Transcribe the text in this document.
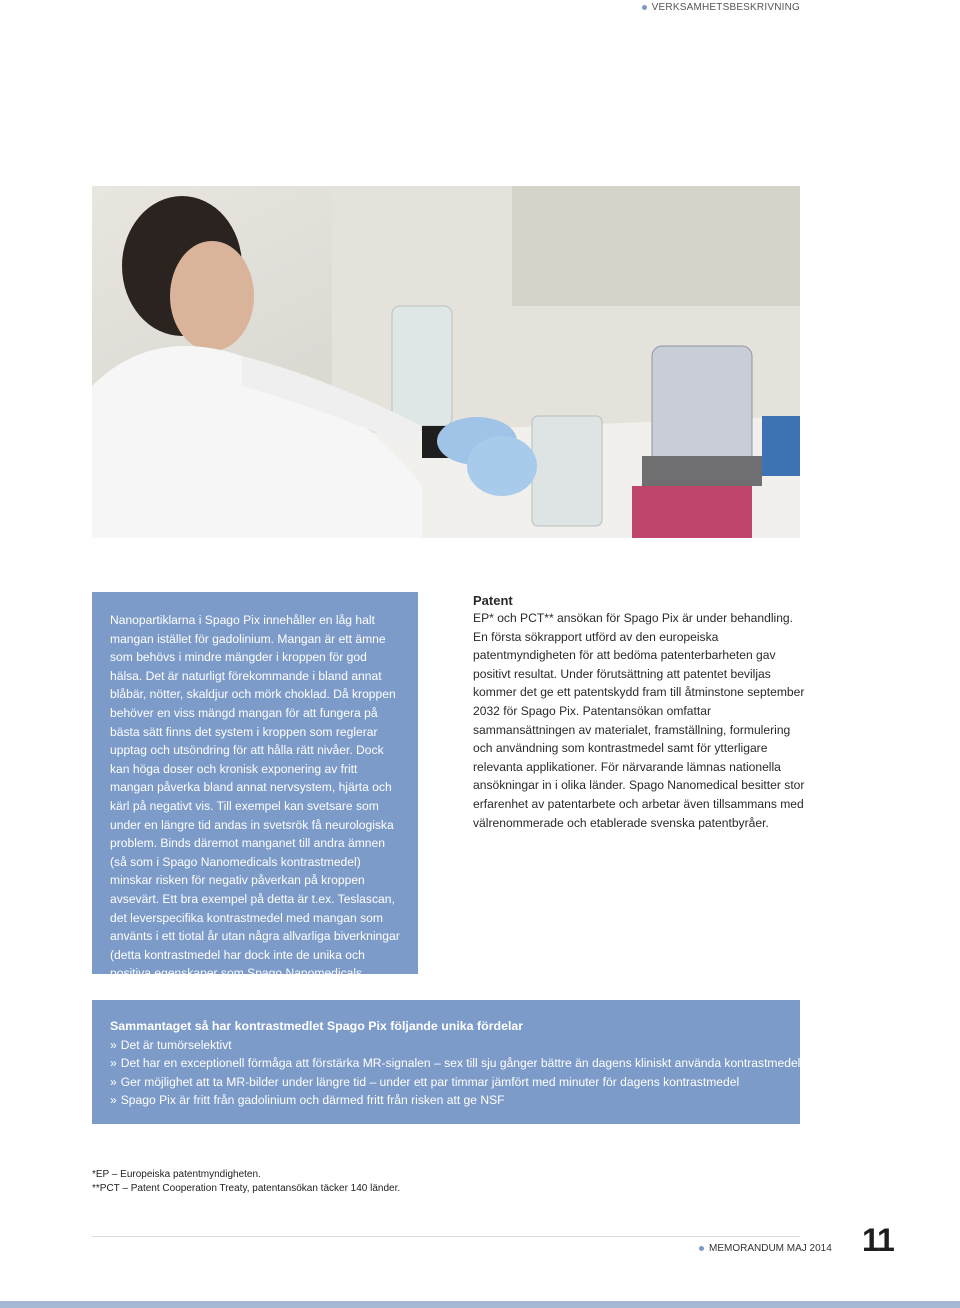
VERKSAMHETSBESKRIVNING
Nanopartiklarna i Spago Pix innehåller en låg halt mangan istället för gadolinium. Mangan är ett ämne som behövs i mindre mängder i kroppen för god hälsa. Det är naturligt förekommande i bland annat blåbär, nötter, skaldjur och mörk choklad. Då kroppen behöver en viss mängd mangan för att fungera på bästa sätt finns det system i kroppen som reglerar upptag och utsöndring för att hålla rätt nivåer. Dock kan höga doser och kronisk exponering av fritt mangan påverka bland annat nervsystem, hjärta och kärl på negativt vis. Till exempel kan svetsare som under en längre tid andas in svetsrök få neurologiska problem. Binds däremot manganet till andra ämnen (så som i Spago Nanomedicals kontrastmedel) minskar risken för negativ påverkan på kroppen avsevärt. Ett bra exempel på detta är t.ex. Teslascan, det leverspecifika kontrastmedel med mangan som använts i ett tiotal år utan några allvarliga biverkningar (detta kontrastmedel har dock inte de unika och positiva egenskaper som Spago Nanomedicals nanopartiklar har, så som hög relaxivitet och
Patent
EP* och PCT** ansökan för Spago Pix är under behandling. En första sökrapport utförd av den europeiska patentmyndigheten för att bedöma patenterbarheten gav positivt resultat. Under förutsättning att patentet beviljas kommer det ge ett patentskydd fram till åtminstone september 2032 för Spago Pix. Patentansökan omfattar sammansättningen av materialet, framställning, formulering och användning som kontrastmedel samt för ytterligare relevanta applikationer. För närvarande lämnas nationella ansökningar in i olika länder. Spago Nanomedical besitter stor erfarenhet av patentarbete och arbetar även tillsammans med välrenommerade och etablerade svenska patentbyråer.
Sammantaget så har kontrastmedlet Spago Pix följande unika fördelar
» Det är tumörselektivt
» Det har en exceptionell förmåga att förstärka MR-signalen – sex till sju gånger bättre än dagens kliniskt använda kontrastmedel
» Ger möjlighet att ta MR-bilder under längre tid – under ett par timmar jämfört med minuter för dagens kontrastmedel
» Spago Pix är fritt från gadolinium och därmed fritt från risken att ge NSF
*EP – Europeiska patentmyndigheten.
**PCT – Patent Cooperation Treaty, patentansökan täcker 140 länder.
MEMORANDUM MAJ 2014 11
